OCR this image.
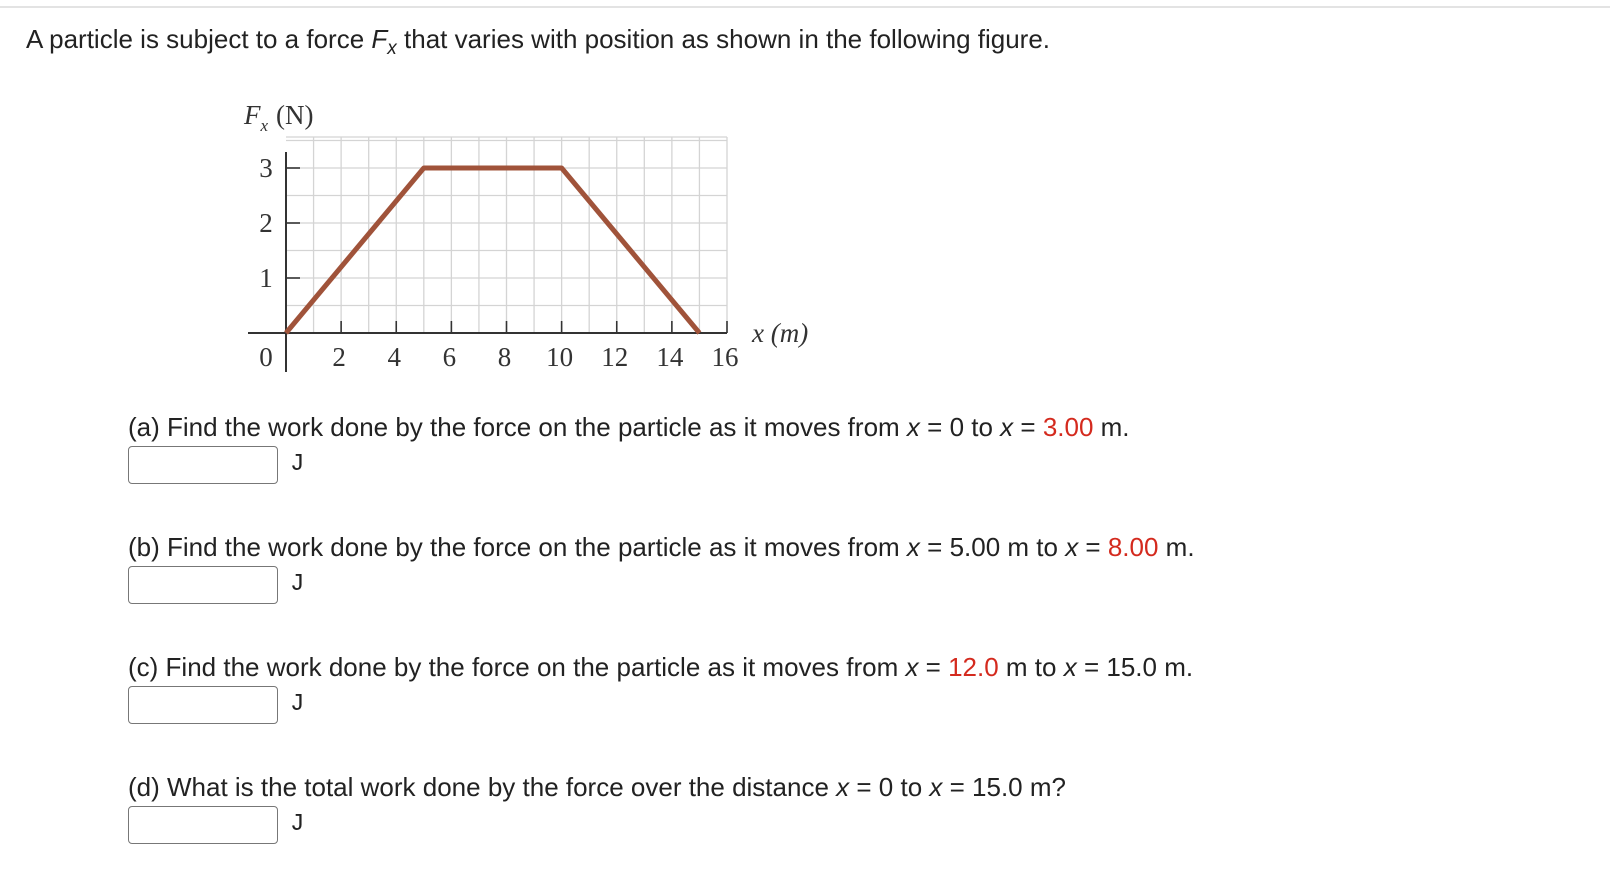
A particle is subject to a force $F_x$ that varies with position as shown in the following figure.
$F_x$ (N)
x (m)
0 2 4 6 8 10 12 14 16
1
2
3
(a) Find the work done by the force on the particle as it moves from x = 0 to x = 3.00 m.
J
(b) Find the work done by the force on the particle as it moves from x = 5.00 m to x = 8.00 m.
J
(c) Find the work done by the force on the particle as it moves from x = 12.0 m to x = 15.0 m.
J
(d) What is the total work done by the force over the distance x = 0 to x = 15.0 m?
J
